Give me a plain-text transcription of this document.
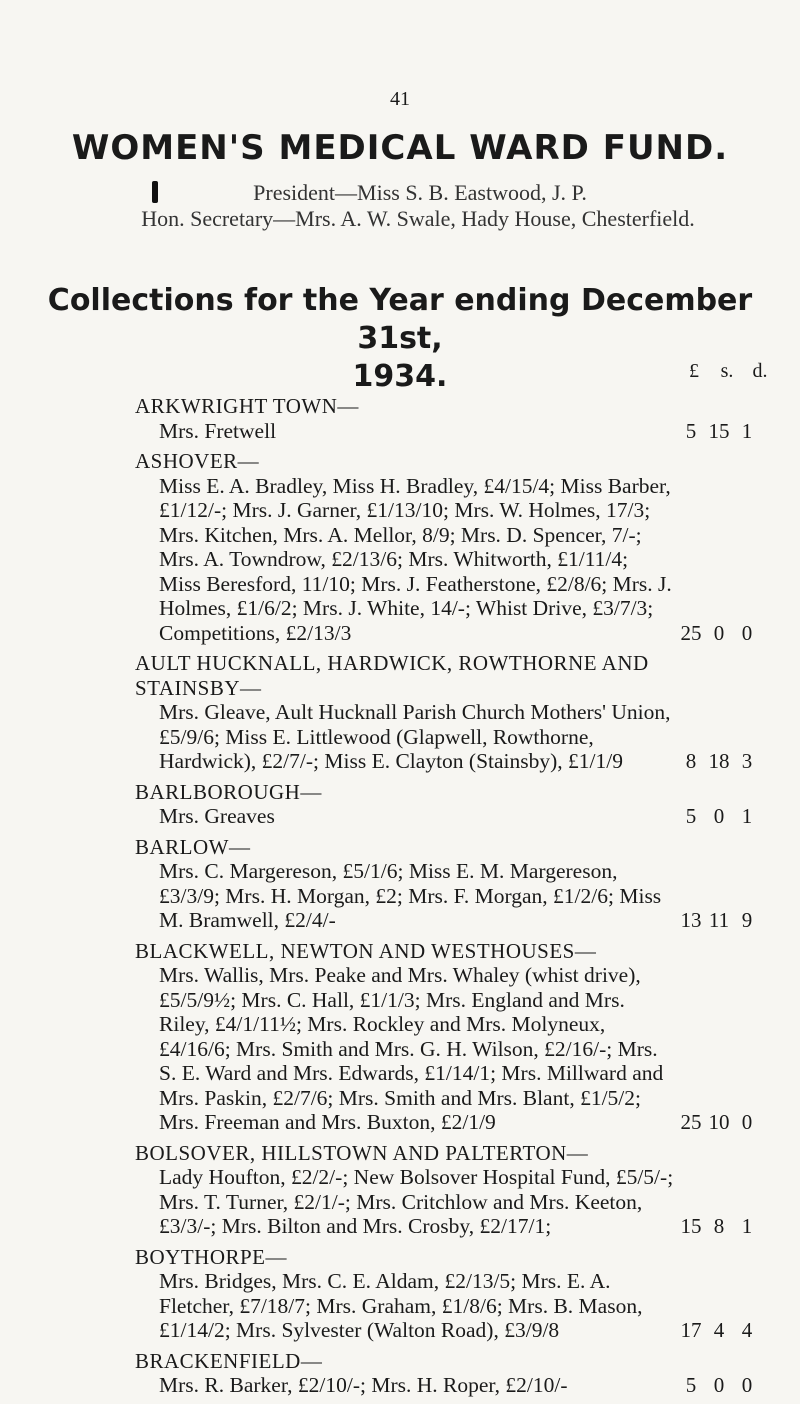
41
WOMEN'S MEDICAL WARD FUND.
President—Miss S. B. Eastwood, J. P.
Hon. Secretary—Mrs. A. W. Swale, Hady House, Chesterfield.
Collections for the Year ending December 31st,
1934.	£ s. d.
ARKWRIGHT TOWN—
Mrs. Fretwell	5 15 1
ASHOVER—
Miss E. A. Bradley, Miss H. Bradley, £4/15/4; Miss Barber, £1/12/-; Mrs. J. Garner, £1/13/10; Mrs. W. Holmes, 17/3; Mrs. Kitchen, Mrs. A. Mellor, 8/9; Mrs. D. Spencer, 7/-; Mrs. A. Towndrow, £2/13/6; Mrs. Whitworth, £1/11/4; Miss Beresford, 11/10; Mrs. J. Featherstone, £2/8/6; Mrs. J. Holmes, £1/6/2; Mrs. J. White, 14/-; Whist Drive, £3/7/3; Competitions, £2/13/3	25 0 0
AULT HUCKNALL, HARDWICK, ROWTHORNE AND STAINSBY—
Mrs. Gleave, Ault Hucknall Parish Church Mothers' Union, £5/9/6; Miss E. Littlewood (Glapwell, Rowthorne, Hardwick), £2/7/-; Miss E. Clayton (Stainsby), £1/1/9	8 18 3
BARLBOROUGH—
Mrs. Greaves	5 0 1
BARLOW—
Mrs. C. Margereson, £5/1/6; Miss E. M. Margereson, £3/3/9; Mrs. H. Morgan, £2; Mrs. F. Morgan, £1/2/6; Miss M. Bramwell, £2/4/-	13 11 9
BLACKWELL, NEWTON AND WESTHOUSES—
Mrs. Wallis, Mrs. Peake and Mrs. Whaley (whist drive), £5/5/9½; Mrs. C. Hall, £1/1/3; Mrs. England and Mrs. Riley, £4/1/11½; Mrs. Rockley and Mrs. Molyneux, £4/16/6; Mrs. Smith and Mrs. G. H. Wilson, £2/16/-; Mrs. S. E. Ward and Mrs. Edwards, £1/14/1; Mrs. Millward and Mrs. Paskin, £2/7/6; Mrs. Smith and Mrs. Blant, £1/5/2; Mrs. Freeman and Mrs. Buxton, £2/1/9	25 10 0
BOLSOVER, HILLSTOWN AND PALTERTON—
Lady Houfton, £2/2/-; New Bolsover Hospital Fund, £5/5/-; Mrs. T. Turner, £2/1/-; Mrs. Critchlow and Mrs. Keeton, £3/3/-; Mrs. Bilton and Mrs. Crosby, £2/17/1;	15 8 1
BOYTHORPE—
Mrs. Bridges, Mrs. C. E. Aldam, £2/13/5; Mrs. E. A. Fletcher, £7/18/7; Mrs. Graham, £1/8/6; Mrs. B. Mason, £1/14/2; Mrs. Sylvester (Walton Road), £3/9/8	17 4 4
BRACKENFIELD—
Mrs. R. Barker, £2/10/-; Mrs. H. Roper, £2/10/-	5 0 0
